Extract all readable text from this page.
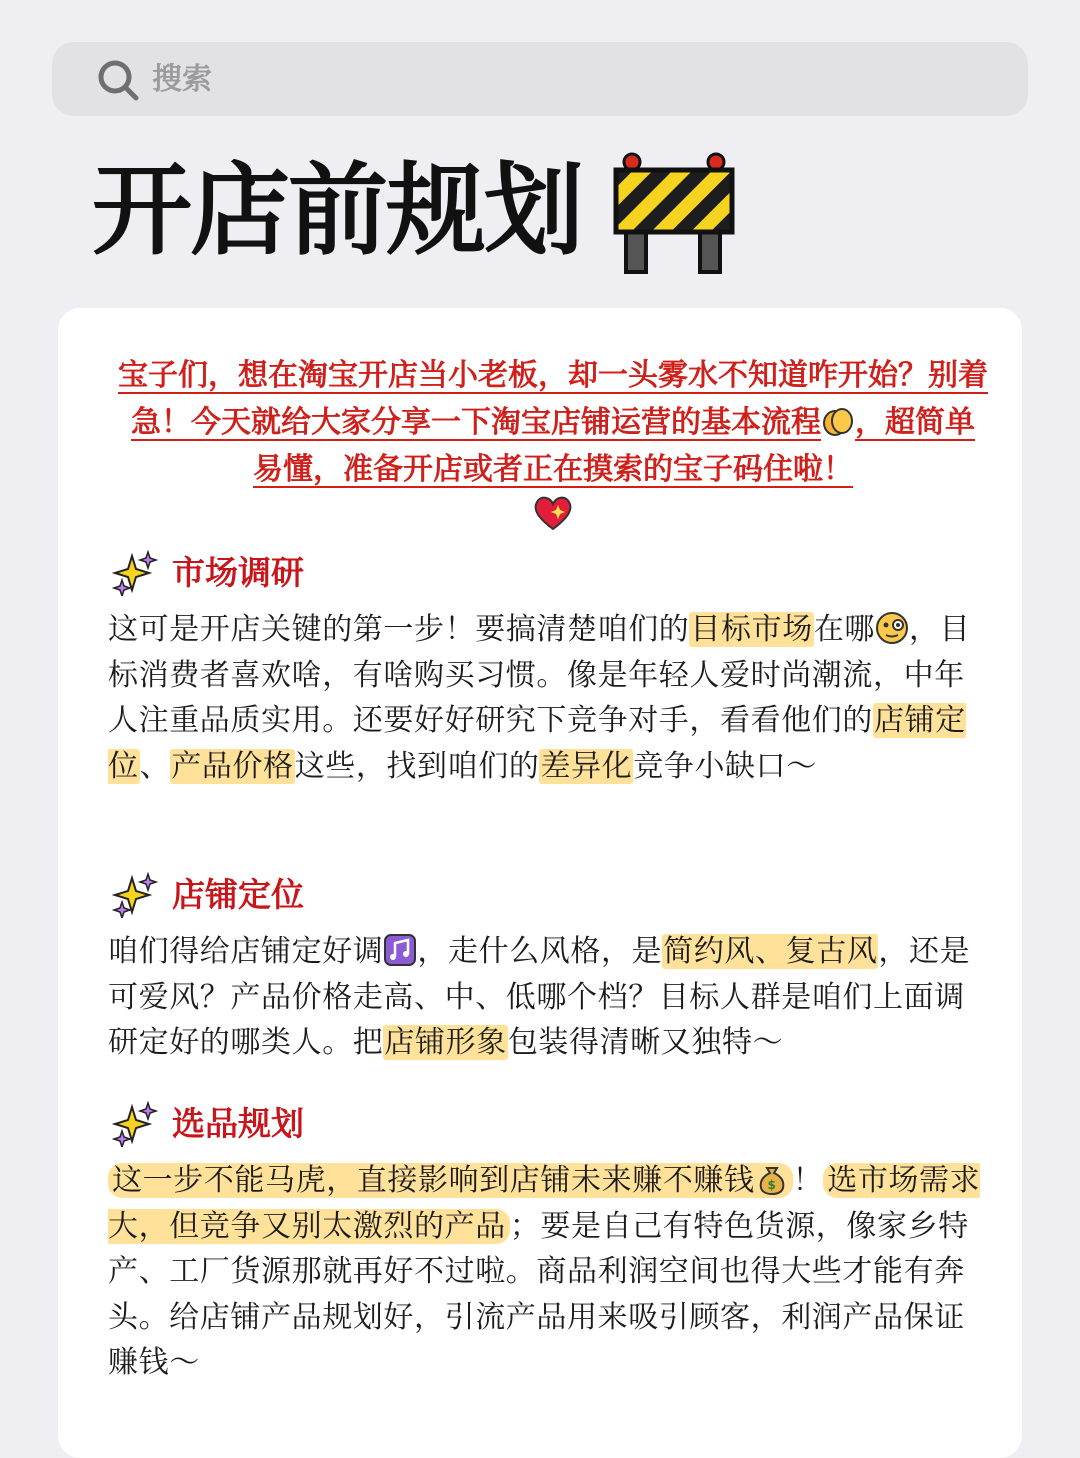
搜索
开店前规划
宝子们，想在淘宝开店当小老板，却一头雾水不知道咋开始？别着急！今天就给大家分享一下淘宝店铺运营的基本流程 ，超简单易懂，准备开店或者正在摸索的宝子码住啦！

市场调研
这可是开店关键的第一步！要搞清楚咱们的目标市场在哪 ，目标消费者喜欢啥，有啥购买习惯。像是年轻人爱时尚潮流，中年人注重品质实用。还要好好研究下竞争对手，看看他们的店铺定位、产品价格这些，找到咱们的差异化竞争小缺口～
店铺定位
咱们得给店铺定好调 ，走什么风格，是简约风、复古风，还是可爱风？产品价格走高、中、低哪个档？目标人群是咱们上面调研定好的哪类人。把店铺形象包装得清晰又独特～
选品规划
这一步不能马虎，直接影响到店铺未来赚不赚钱 $ ！ 选市场需求大，但竞争又别太激烈的产品 ；要是自己有特色货源，像家乡特产、工厂货源那就再好不过啦。商品利润空间也得大些才能有奔头。给店铺产品规划好，引流产品用来吸引顾客，利润产品保证赚钱～
